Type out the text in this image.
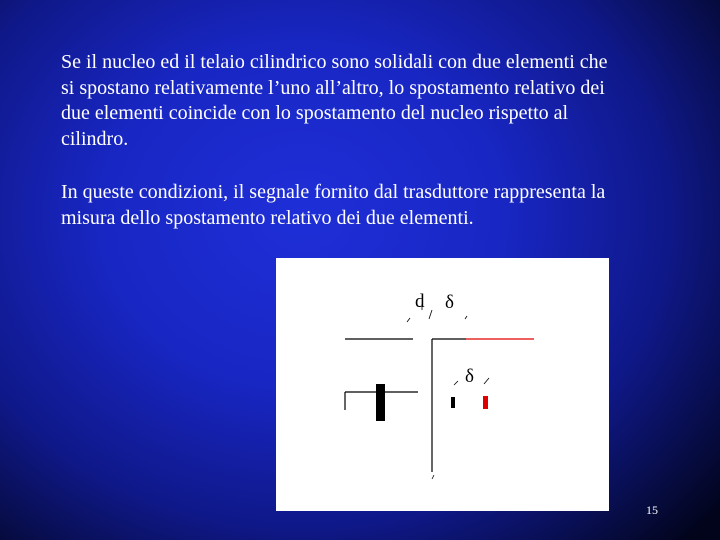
Se il nucleo ed il telaio cilindrico sono solidali con due elementi che si spostano relativamente l’uno all’altro, lo spostamento relativo dei due elementi coincide con lo spostamento del nucleo rispetto al cilindro.

In queste condizioni, il segnale fornito dal trasduttore rappresenta la misura dello spostamento relativo dei due elementi.

d δ
δ
15
